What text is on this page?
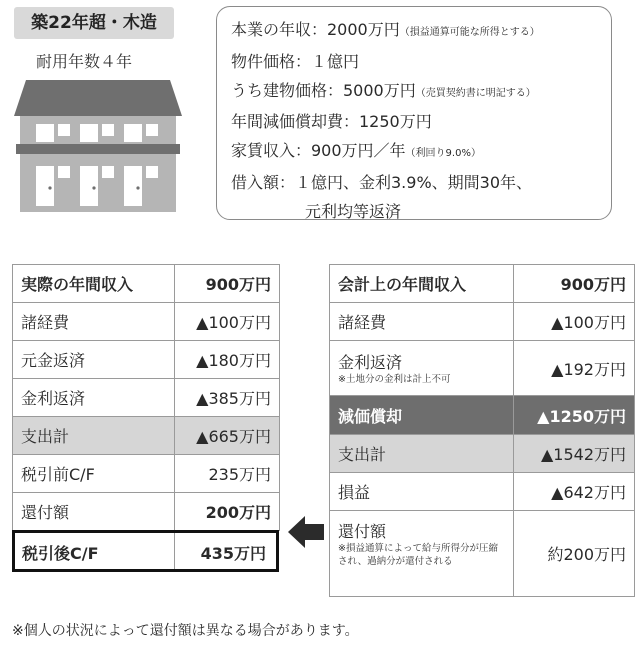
築22年超・木造
耐用年数４年
本業の年収：2000万円（損益通算可能な所得とする）
物件価格：１億円
うち建物価格：5000万円（売買契約書に明記する）
年間減価償却費：1250万円
家賃収入：900万円／年（利回り9.0%）
借入額：１億円、金利3.9%、期間30年、
元利均等返済
実際の年間収入	900万円
諸経費	▲100万円
元金返済	▲180万円
金利返済	▲385万円
支出計	▲665万円
税引前C/F	235万円
還付額	200万円
税引後C/F	435万円
会計上の年間収入	900万円
諸経費	▲100万円
金利返済
※土地分の金利は計上不可	▲192万円
減価償却	▲1250万円
支出計	▲1542万円
損益	▲642万円
還付額
※損益通算によって給与所得分が圧縮され、過納分が還付される	約200万円
※個人の状況によって還付額は異なる場合があります。
